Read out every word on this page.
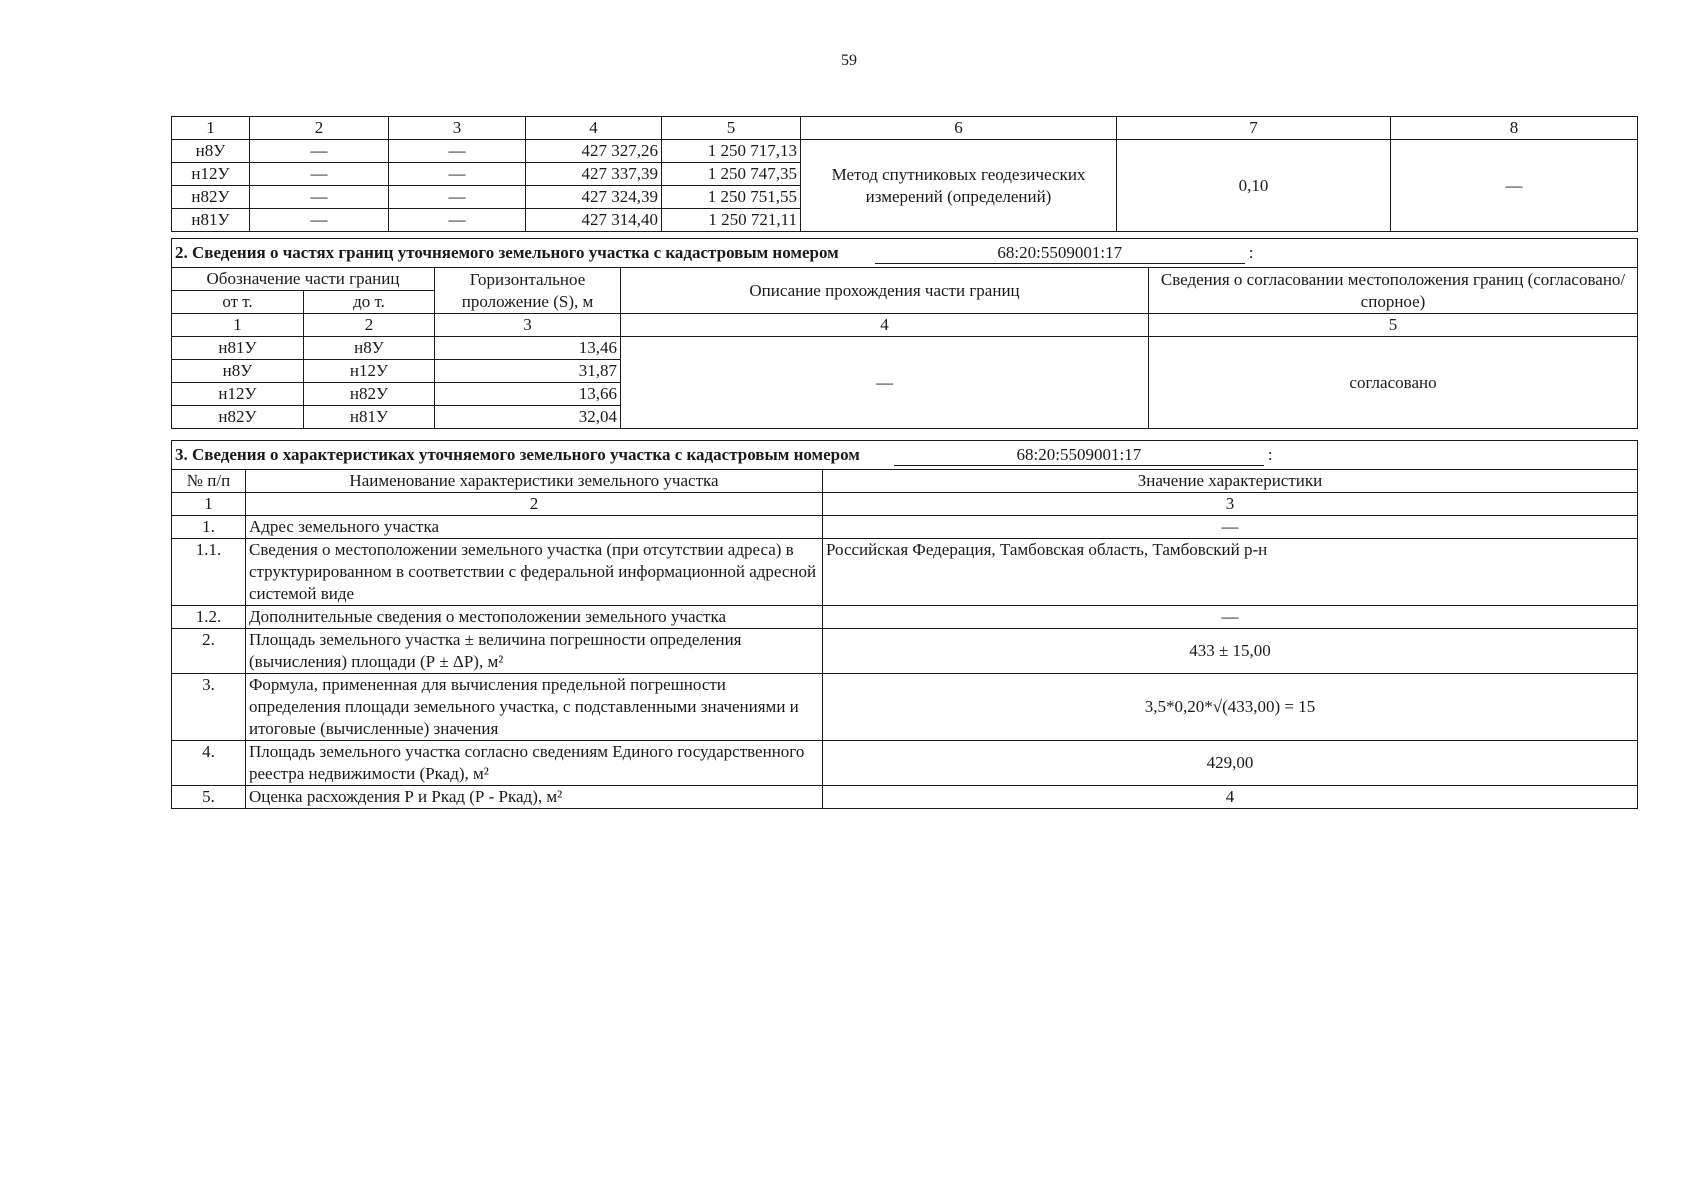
59
1	2	3	4	5	6	7	8
н8У	—	—	427 327,26	1 250 717,13	Метод спутниковых геодезических измерений (определений)	0,10	—
н12У	—	—	427 337,39	1 250 747,35			
н82У	—	—	427 324,39	1 250 751,55			
н81У	—	—	427 314,40	1 250 721,11			
2. Сведения о частях границ уточняемого земельного участка с кадастровым номером 68:20:5509001:17 :				
Обозначение части границ		Горизонтальное проложение (S), м	Описание прохождения части границ	Сведения о согласовании местоположения границ (согласовано/спорное)
от т.	до т.			
1	2	3	4	5
н81У	н8У	13,46	—	согласовано
н8У	н12У	31,87		
н12У	н82У	13,66		
н82У	н81У	32,04		
3. Сведения о характеристиках уточняемого земельного участка с кадастровым номером 68:20:5509001:17 :		
№ п/п	Наименование характеристики земельного участка	Значение характеристики
1	2	3
1.	Адрес земельного участка	—
1.1.	Сведения о местоположении земельного участка (при отсутствии адреса) в структурированном в соответствии с федеральной информационной адресной системой виде	Российская Федерация, Тамбовская область, Тамбовский р-н
1.2.	Дополнительные сведения о местоположении земельного участка	—
2.	Площадь земельного участка ± величина погрешности определения (вычисления) площади (Р ± ΔР), м²	433 ± 15,00
3.	Формула, примененная для вычисления предельной погрешности определения площади земельного участка, с подставленными значениями и итоговые (вычисленные) значения	3,5*0,20*√(433,00) = 15
4.	Площадь земельного участка согласно сведениям Единого государственного реестра недвижимости (Ркад), м²	429,00
5.	Оценка расхождения Р и Ркад (Р - Ркад), м²	4
